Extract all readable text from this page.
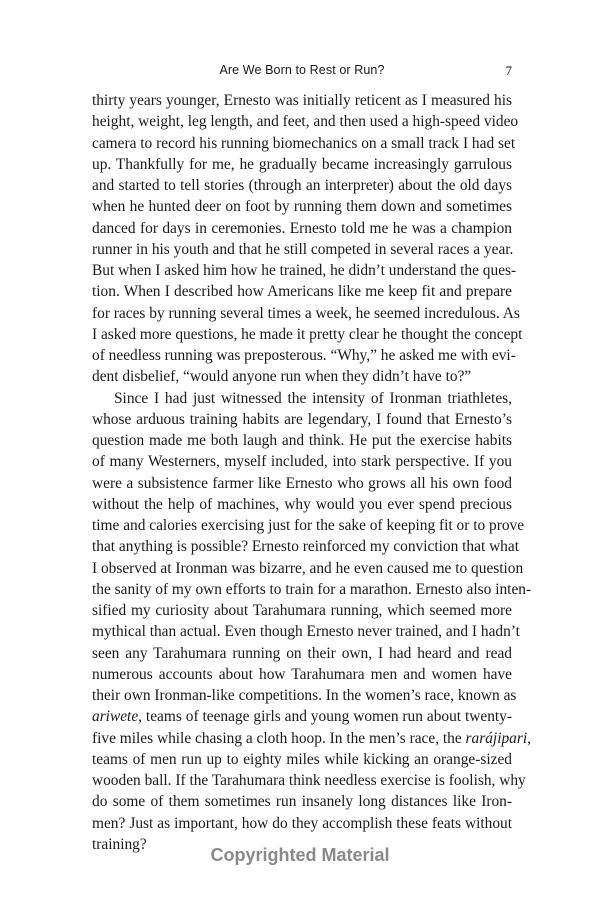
Are We Born to Rest or Run?	7
thirty years younger, Ernesto was initially reticent as I measured his
height, weight, leg length, and feet, and then used a high-speed video
camera to record his running biomechanics on a small track I had set
up. Thankfully for me, he gradually became increasingly garrulous
and started to tell stories (through an interpreter) about the old days
when he hunted deer on foot by running them down and sometimes
danced for days in ceremonies. Ernesto told me he was a champion
runner in his youth and that he still competed in several races a year.
But when I asked him how he trained, he didn’t understand the ques-
tion. When I described how Americans like me keep fit and prepare
for races by running several times a week, he seemed incredulous. As
I asked more questions, he made it pretty clear he thought the concept
of needless running was preposterous. “Why,” he asked me with evi-
dent disbelief, “would anyone run when they didn’t have to?”
Since I had just witnessed the intensity of Ironman triathletes,
whose arduous training habits are legendary, I found that Ernesto’s
question made me both laugh and think. He put the exercise habits
of many Westerners, myself included, into stark perspective. If you
were a subsistence farmer like Ernesto who grows all his own food
without the help of machines, why would you ever spend precious
time and calories exercising just for the sake of keeping fit or to prove
that anything is possible? Ernesto reinforced my conviction that what
I observed at Ironman was bizarre, and he even caused me to question
the sanity of my own efforts to train for a marathon. Ernesto also inten-
sified my curiosity about Tarahumara running, which seemed more
mythical than actual. Even though Ernesto never trained, and I hadn’t
seen any Tarahumara running on their own, I had heard and read
numerous accounts about how Tarahumara men and women have
their own Ironman-like competitions. In the women’s race, known as
ariwete, teams of teenage girls and young women run about twenty-
five miles while chasing a cloth hoop. In the men’s race, the rarájipari,
teams of men run up to eighty miles while kicking an orange-sized
wooden ball. If the Tarahumara think needless exercise is foolish, why
do some of them sometimes run insanely long distances like Iron-
men? Just as important, how do they accomplish these feats without
training?
Copyrighted Material
